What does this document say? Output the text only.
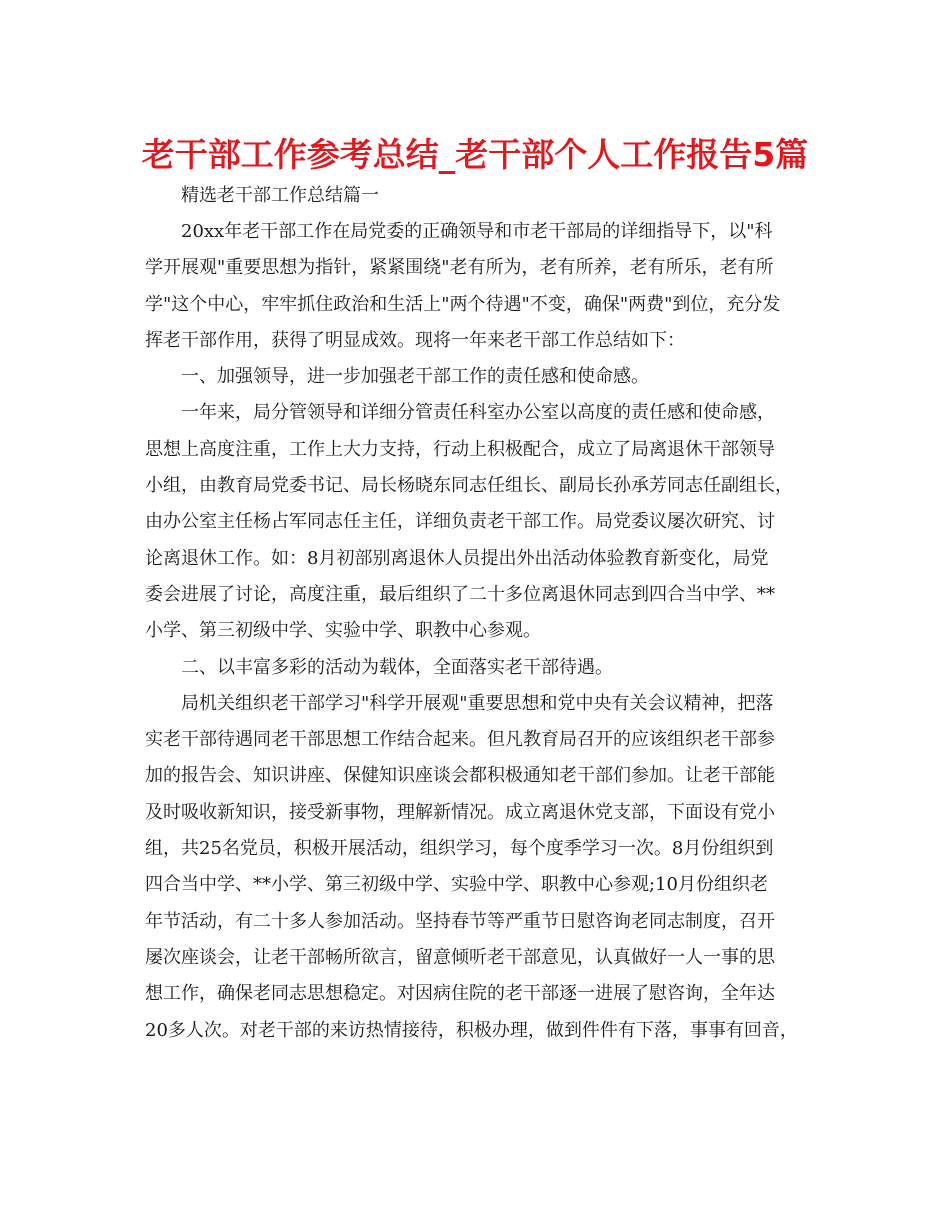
老干部工作参考总结_老干部个人工作报告5篇
精选老干部工作总结篇一
20xx年老干部工作在局党委的正确领导和市老干部局的详细指导下，以"科
学开展观"重要思想为指针，紧紧围绕"老有所为，老有所养，老有所乐，老有所
学"这个中心，牢牢抓住政治和生活上"两个待遇"不变，确保"两费"到位，充分发
挥老干部作用，获得了明显成效。现将一年来老干部工作总结如下：
一、加强领导，进一步加强老干部工作的责任感和使命感。
一年来，局分管领导和详细分管责任科室办公室以高度的责任感和使命感，
思想上高度注重，工作上大力支持，行动上积极配合，成立了局离退休干部领导
小组，由教育局党委书记、局长杨晓东同志任组长、副局长孙承芳同志任副组长，
由办公室主任杨占军同志任主任，详细负责老干部工作。局党委议屡次研究、讨
论离退休工作。如：8月初部别离退休人员提出外出活动体验教育新变化，局党
委会进展了讨论，高度注重，最后组织了二十多位离退休同志到四合当中学、**
小学、第三初级中学、实验中学、职教中心参观。
二、以丰富多彩的活动为载体，全面落实老干部待遇。
局机关组织老干部学习"科学开展观"重要思想和党中央有关会议精神，把落
实老干部待遇同老干部思想工作结合起来。但凡教育局召开的应该组织老干部参
加的报告会、知识讲座、保健知识座谈会都积极通知老干部们参加。让老干部能
及时吸收新知识，接受新事物，理解新情况。成立离退休党支部，下面设有党小
组，共25名党员，积极开展活动，组织学习，每个度季学习一次。8月份组织到
四合当中学、**小学、第三初级中学、实验中学、职教中心参观;10月份组织老
年节活动，有二十多人参加活动。坚持春节等严重节日慰咨询老同志制度，召开
屡次座谈会，让老干部畅所欲言，留意倾听老干部意见，认真做好一人一事的思
想工作，确保老同志思想稳定。对因病住院的老干部逐一进展了慰咨询，全年达
20多人次。对老干部的来访热情接待，积极办理，做到件件有下落，事事有回音，
